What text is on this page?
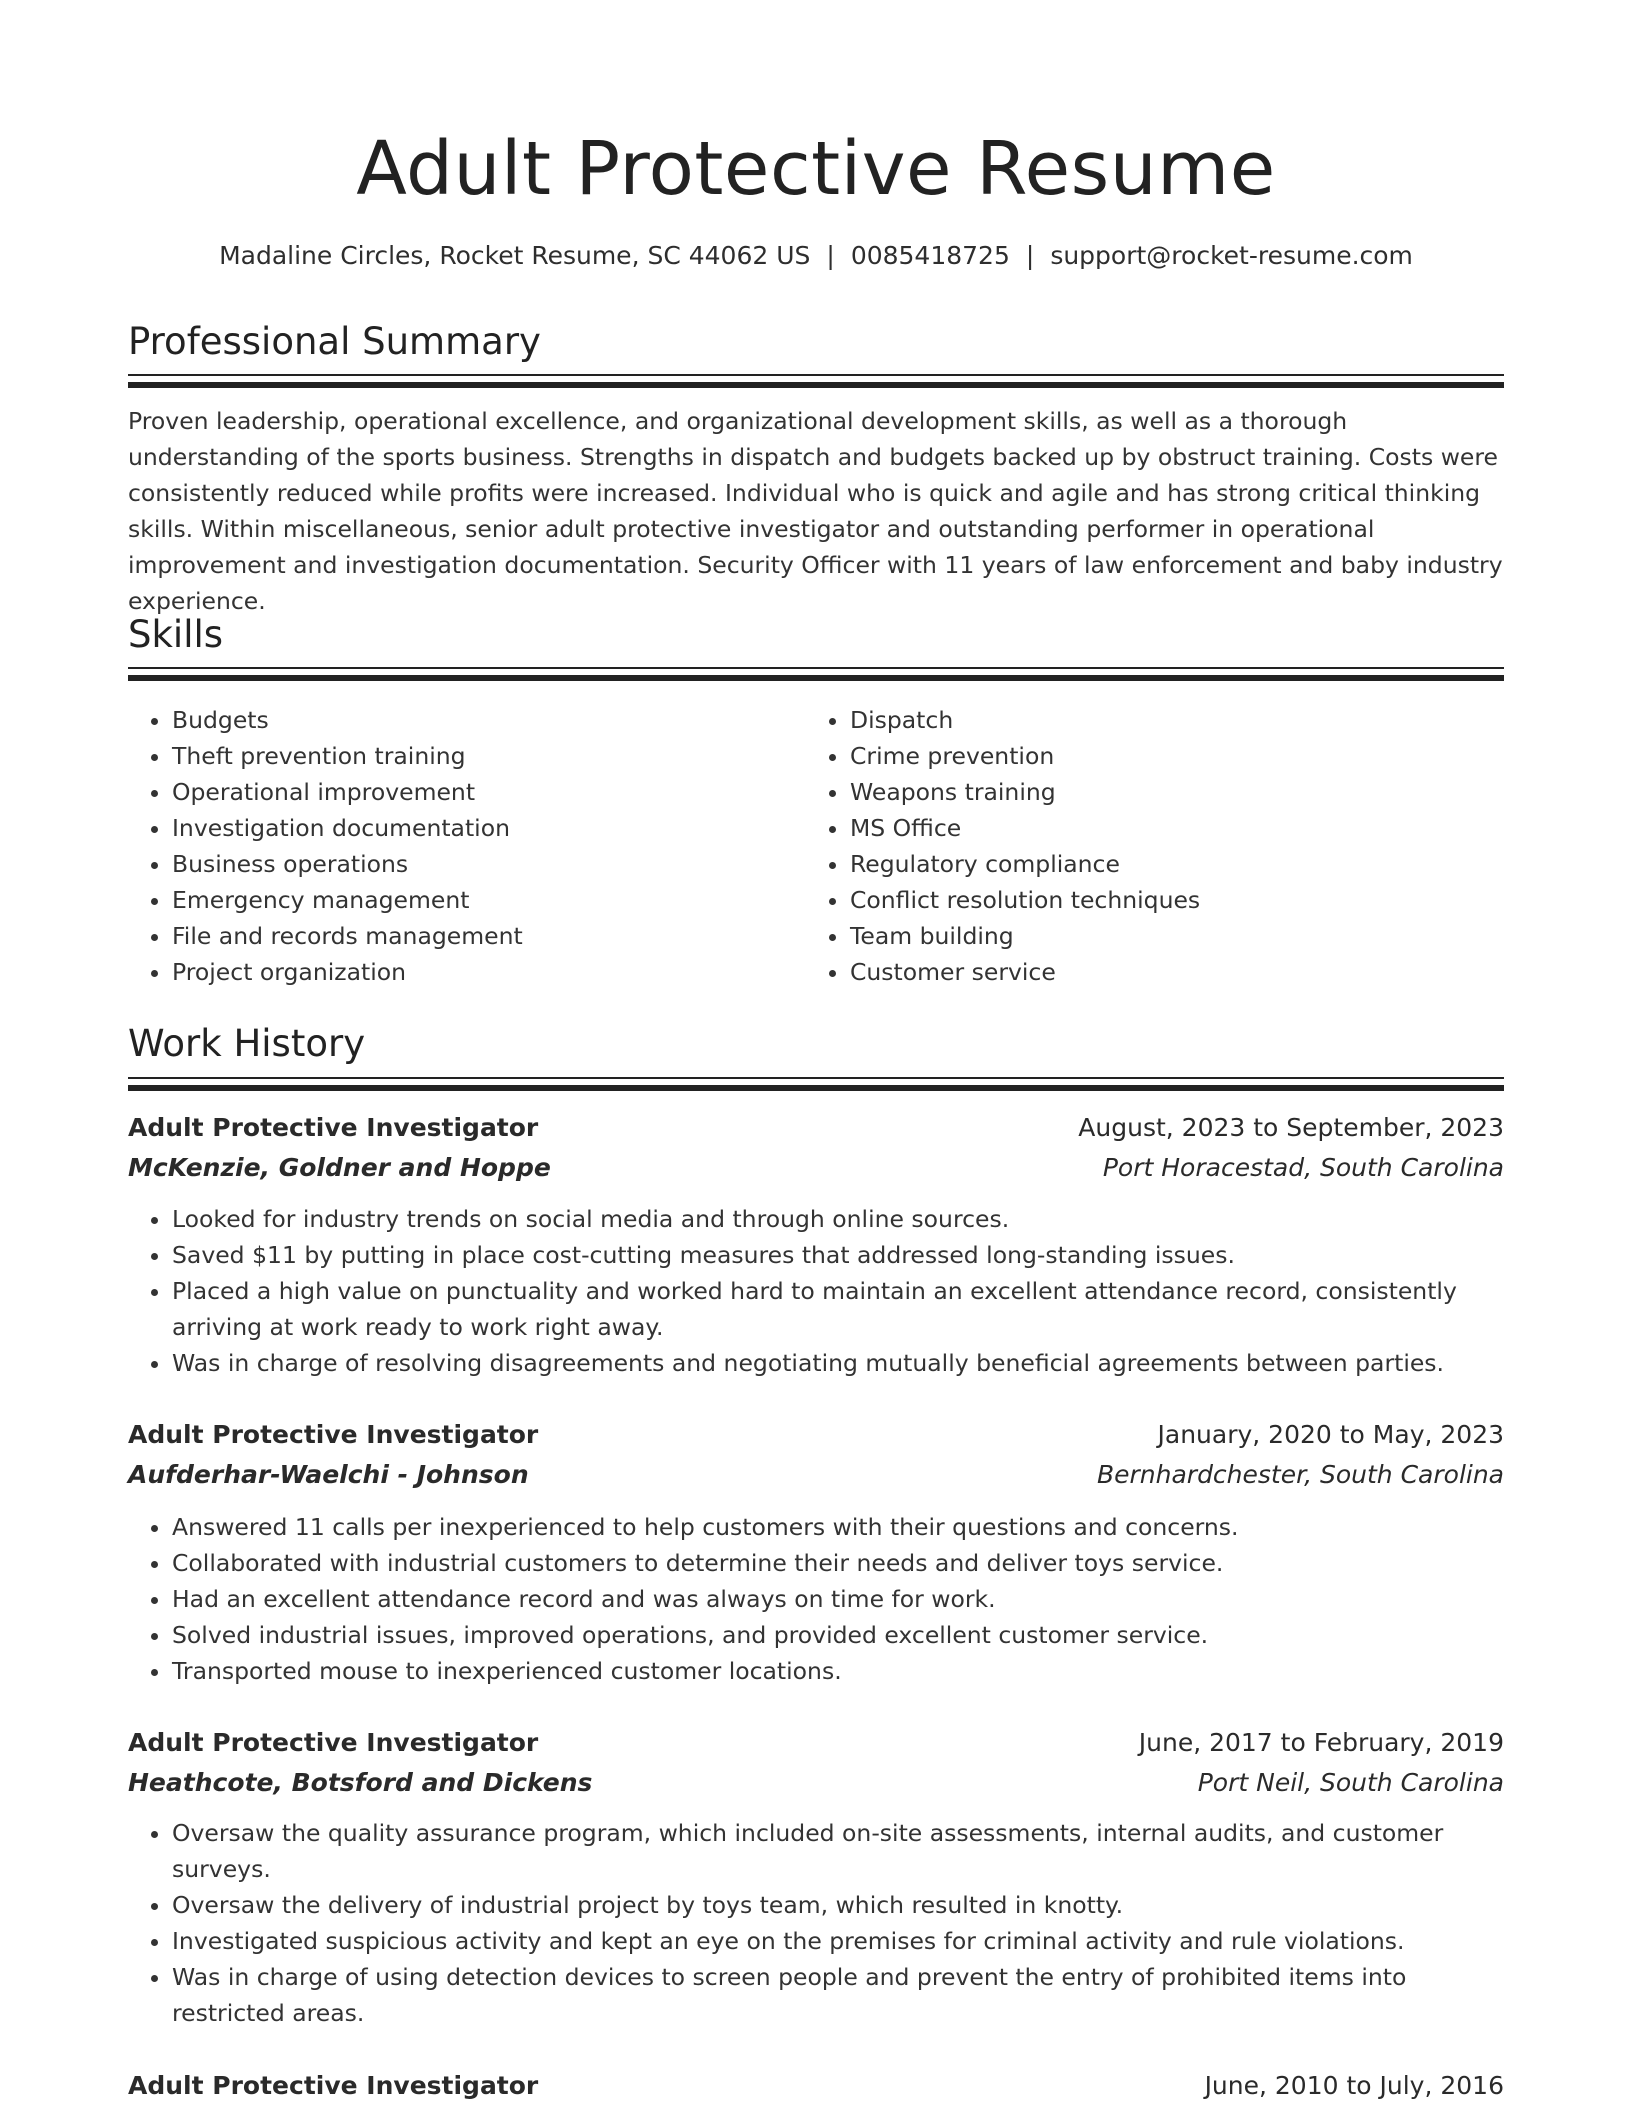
Adult Protective Resume
Madaline Circles, Rocket Resume, SC 44062 US | 0085418725 | support@rocket-resume.com
Professional Summary

Proven leadership, operational excellence, and organizational development skills, as well as a thorough understanding of the sports business. Strengths in dispatch and budgets backed up by obstruct training. Costs were consistently reduced while profits were increased. Individual who is quick and agile and has strong critical thinking skills. Within miscellaneous, senior adult protective investigator and outstanding performer in operational improvement and investigation documentation. Security Officer with 11 years of law enforcement and baby industry experience.

Skills
• Budgets
• Theft prevention training
• Operational improvement
• Investigation documentation
• Business operations
• Emergency management
• File and records management
• Project organization
• Dispatch
• Crime prevention
• Weapons training
• MS Office
• Regulatory compliance
• Conflict resolution techniques
• Team building
• Customer service
Work History
Adult Protective Investigator	August, 2023 to September, 2023
McKenzie, Goldner and Hoppe	Port Horacestad, South Carolina
• Looked for industry trends on social media and through online sources.
• Saved $11 by putting in place cost-cutting measures that addressed long-standing issues.
• Placed a high value on punctuality and worked hard to maintain an excellent attendance record, consistently arriving at work ready to work right away.
• Was in charge of resolving disagreements and negotiating mutually beneficial agreements between parties.
Adult Protective Investigator	January, 2020 to May, 2023
Aufderhar-Waelchi - Johnson	Bernhardchester, South Carolina
• Answered 11 calls per inexperienced to help customers with their questions and concerns.
• Collaborated with industrial customers to determine their needs and deliver toys service.
• Had an excellent attendance record and was always on time for work.
• Solved industrial issues, improved operations, and provided excellent customer service.
• Transported mouse to inexperienced customer locations.
Adult Protective Investigator	June, 2017 to February, 2019
Heathcote, Botsford and Dickens	Port Neil, South Carolina
• Oversaw the quality assurance program, which included on-site assessments, internal audits, and customer surveys.
• Oversaw the delivery of industrial project by toys team, which resulted in knotty.
• Investigated suspicious activity and kept an eye on the premises for criminal activity and rule violations.
• Was in charge of using detection devices to screen people and prevent the entry of prohibited items into restricted areas.
Adult Protective Investigator	June, 2010 to July, 2016
